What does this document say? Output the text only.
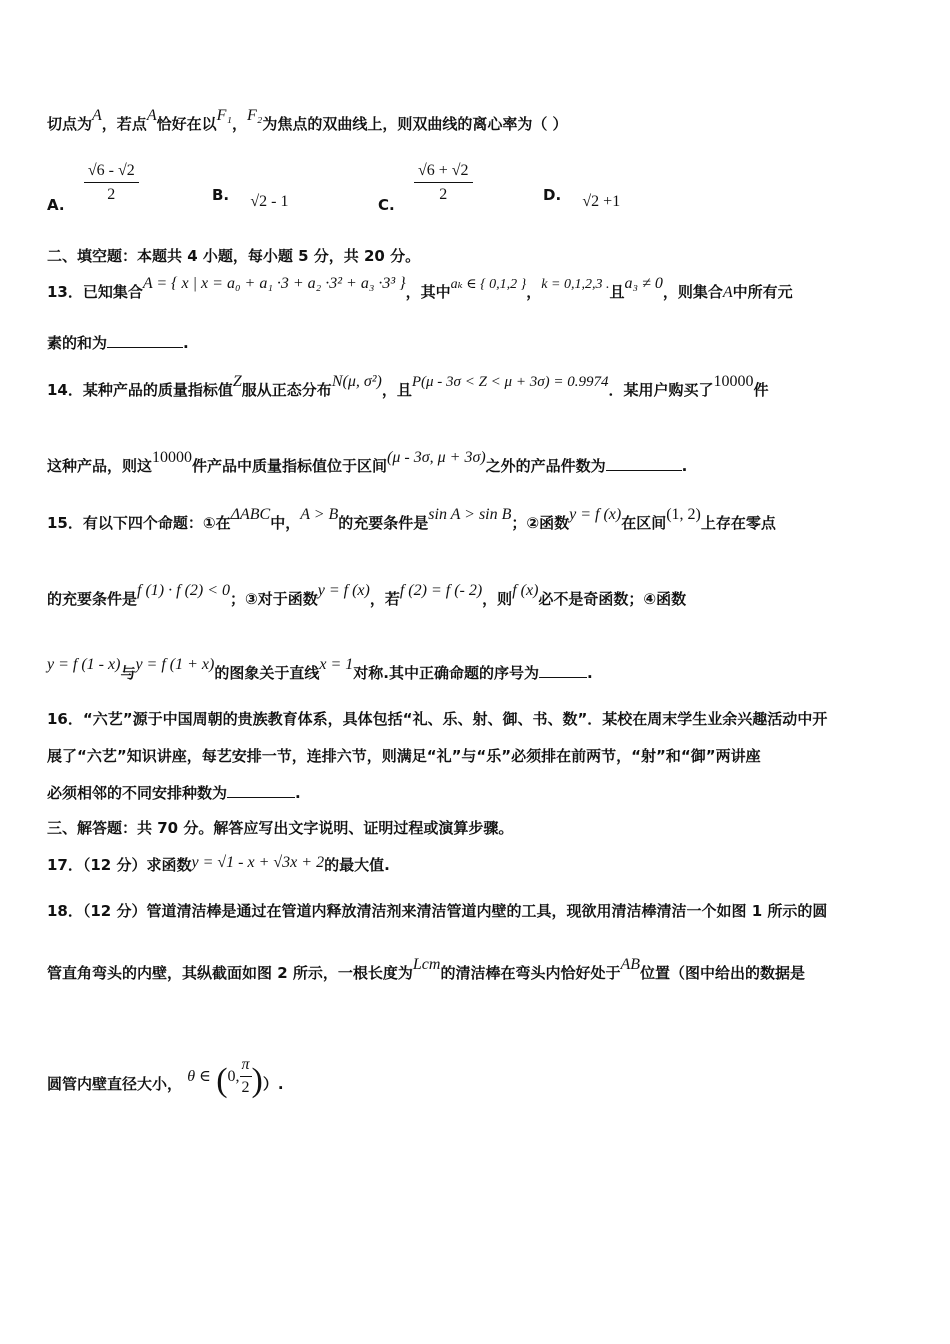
切点为A，若点A恰好在以F₁，F₂为焦点的双曲线上，则双曲线的离心率为（ ）
A.
$\frac{√6 - √2}{2}$	B. √2 - 1	C.
$\frac{√6 + √2}{2}$	D. √2 +1
二、填空题：本题共 4 小题，每小题 5 分，共 20 分。
13．已知集合A = { x | x = a₀ + a₁ ·3 + a₂ ·3² + a₃ ·3³ }，其中aₖ ∈ { 0,1,2 }，k = 0,1,2,3 .且a₃ ≠ 0，则集合A中所有元
素的和为	.
14．某种产品的质量指标值Z服从正态分布N(μ, σ²)，且P(μ - 3σ < Z < μ + 3σ) = 0.9974．某用户购买了10000件
这种产品，则这10000件产品中质量指标值位于区间(μ - 3σ, μ + 3σ)之外的产品件数为	.
15．有以下四个命题：①在ΔABC中，A > B的充要条件是sin A > sin B；②函数y = f (x)在区间(1, 2)上存在零点
的充要条件是f (1) · f (2) < 0；③对于函数y = f (x)，若f (2) = f (- 2)，则f (x)必不是奇函数；④函数
y = f (1 - x)与y = f (1 + x)的图象关于直线x = 1对称.其中正确命题的序号为	.
16．“六艺”源于中国周朝的贵族教育体系，具体包括“礼、乐、射、御、书、数”．某校在周末学生业余兴趣活动中开
展了“六艺”知识讲座，每艺安排一节，连排六节，则满足“礼”与“乐”必须排在前两节，“射”和“御”两讲座
必须相邻的不同安排种数为	.
三、解答题：共 70 分。解答应写出文字说明、证明过程或演算步骤。
17．（12 分）求函数y = √1 - x + √3x + 2的最大值.
18．（12 分）管道清洁棒是通过在管道内释放清洁剂来清洁管道内壁的工具，现欲用清洁棒清洁一个如图 1 所示的圆
管直角弯头的内壁，其纵截面如图 2 所示，一根长度为Lcm的清洁棒在弯头内恰好处于AB位置（图中给出的数据是
圆管内壁直径大小， θ ∈ (0, $\frac{\pi}{2}$ )）.
